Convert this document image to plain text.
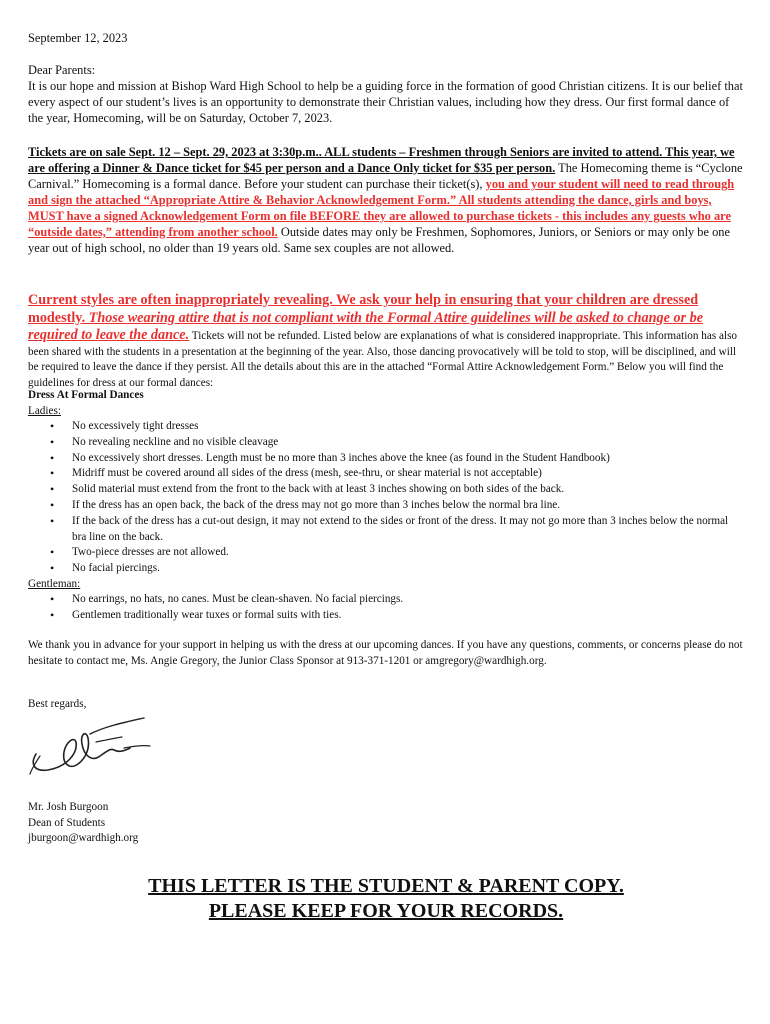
September 12, 2023

Dear Parents:

It is our hope and mission at Bishop Ward High School to help be a guiding force in the formation of good Christian citizens. It is our belief that every aspect of our student’s lives is an opportunity to demonstrate their Christian values, including how they dress. Our first formal dance of the year, Homecoming, will be on Saturday, October 7, 2023.

Tickets are on sale Sept. 12 – Sept. 29, 2023 at 3:30p.m.. ALL students – Freshmen through Seniors are invited to attend. This year, we are offering a Dinner & Dance ticket for $45 per person and a Dance Only ticket for $35 per person. The Homecoming theme is “Cyclone Carnival.” Homecoming is a formal dance. Before your student can purchase their ticket(s), you and your student will need to read through and sign the attached “Appropriate Attire & Behavior Acknowledgement Form.” All students attending the dance, girls and boys, MUST have a signed Acknowledgement Form on file BEFORE they are allowed to purchase tickets - this includes any guests who are “outside dates,” attending from another school. Outside dates may only be Freshmen, Sophomores, Juniors, or Seniors or may only be one year out of high school, no older than 19 years old. Same sex couples are not allowed.

Current styles are often inappropriately revealing. We ask your help in ensuring that your children are dressed modestly. Those wearing attire that is not compliant with the Formal Attire guidelines will be asked to change or be required to leave the dance. Tickets will not be refunded. Listed below are explanations of what is considered inappropriate. This information has also been shared with the students in a presentation at the beginning of the year. Also, those dancing provocatively will be told to stop, will be disciplined, and will be required to leave the dance if they persist. All the details about this are in the attached “Formal Attire Acknowledgement Form.” Below you will find the guidelines for dress at our formal dances:

Dress At Formal Dances

Ladies:

• No excessively tight dresses
• No revealing neckline and no visible cleavage
• No excessively short dresses. Length must be no more than 3 inches above the knee (as found in the Student Handbook)
• Midriff must be covered around all sides of the dress (mesh, see-thru, or shear material is not acceptable)
• Solid material must extend from the front to the back with at least 3 inches showing on both sides of the back.
• If the dress has an open back, the back of the dress may not go more than 3 inches below the normal bra line.
• If the back of the dress has a cut-out design, it may not extend to the sides or front of the dress. It may not go more than 3 inches below the normal bra line on the back.
• Two-piece dresses are not allowed.
• No facial piercings.

Gentleman:

• No earrings, no hats, no canes. Must be clean-shaven. No facial piercings.
• Gentlemen traditionally wear tuxes or formal suits with ties.

We thank you in advance for your support in helping us with the dress at our upcoming dances. If you have any questions, comments, or concerns please do not hesitate to contact me, Ms. Angie Gregory, the Junior Class Sponsor at 913-371-1201 or amgregory@wardhigh.org.

Best regards,

Mr. Josh Burgoon

Dean of Students

jburgoon@wardhigh.org

THIS LETTER IS THE STUDENT & PARENT COPY.

PLEASE KEEP FOR YOUR RECORDS.
